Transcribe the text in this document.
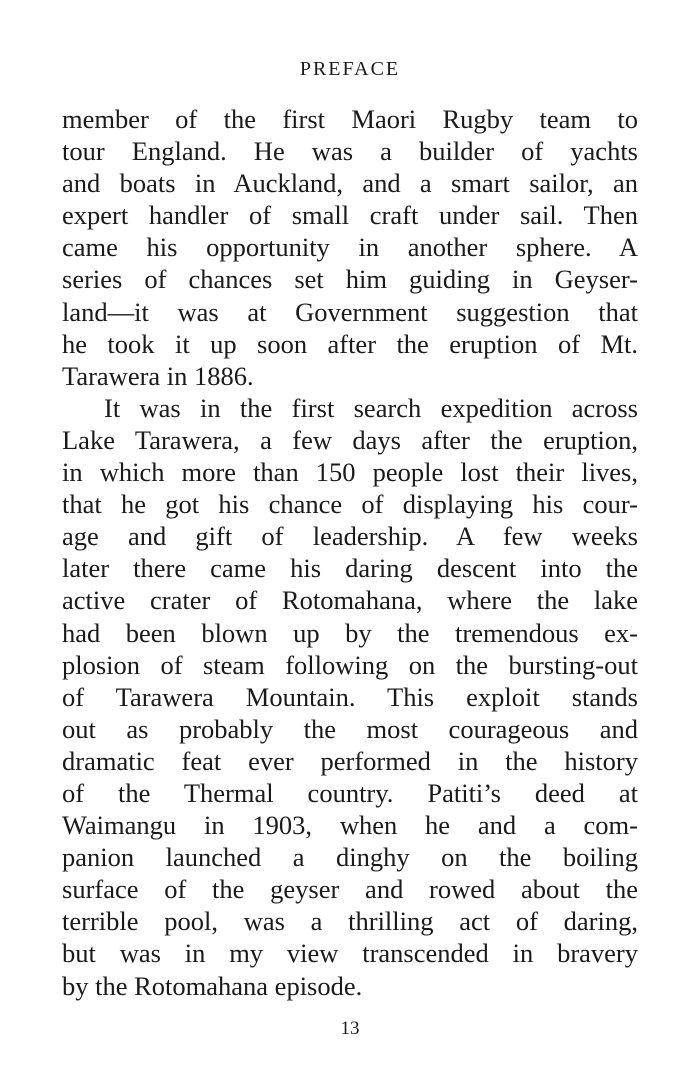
PREFACE
member of the first Maori Rugby team to
tour England. He was a builder of yachts
and boats in Auckland, and a smart sailor, an
expert handler of small craft under sail. Then
came his opportunity in another sphere. A
series of chances set him guiding in Geyser-
land—it was at Government suggestion that
he took it up soon after the eruption of Mt.
Tarawera in 1886.
It was in the first search expedition across
Lake Tarawera, a few days after the eruption,
in which more than 150 people lost their lives,
that he got his chance of displaying his cour-
age and gift of leadership. A few weeks
later there came his daring descent into the
active crater of Rotomahana, where the lake
had been blown up by the tremendous ex-
plosion of steam following on the bursting-out
of Tarawera Mountain. This exploit stands
out as probably the most courageous and
dramatic feat ever performed in the history
of the Thermal country. Patiti’s deed at
Waimangu in 1903, when he and a com-
panion launched a dinghy on the boiling
surface of the geyser and rowed about the
terrible pool, was a thrilling act of daring,
but was in my view transcended in bravery
by the Rotomahana episode.
13
